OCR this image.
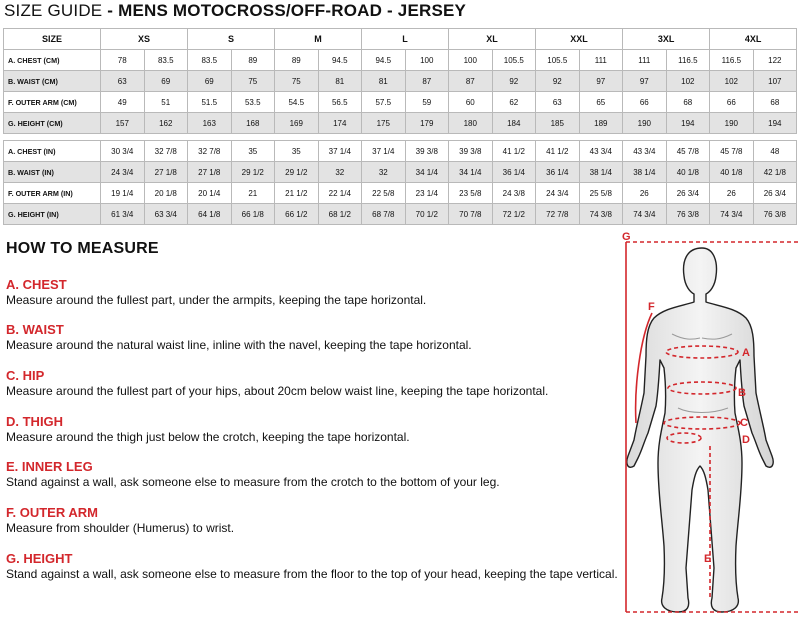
SIZE GUIDE - MENS MOTOCROSS/OFF-ROAD - JERSEY
SIZE	XS		S		M		L		XL		XXL		3XL		4XL	
A. CHEST (CM)	78	83.5	83.5	89	89	94.5	94.5	100	100	105.5	105.5	111	111	116.5	116.5	122
B. WAIST (CM)	63	69	69	75	75	81	81	87	87	92	92	97	97	102	102	107
F. OUTER ARM (CM)	49	51	51.5	53.5	54.5	56.5	57.5	59	60	62	63	65	66	68	66	68
G. HEIGHT (CM)	157	162	163	168	169	174	175	179	180	184	185	189	190	194	190	194

A. CHEST (IN)	30 3/4	32 7/8	32 7/8	35	35	37 1/4	37 1/4	39 3/8	39 3/8	41 1/2	41 1/2	43 3/4	43 3/4	45 7/8	45 7/8	48
B. WAIST (IN)	24 3/4	27 1/8	27 1/8	29 1/2	29 1/2	32	32	34 1/4	34 1/4	36 1/4	36 1/4	38 1/4	38 1/4	40 1/8	40 1/8	42 1/8
F. OUTER ARM (IN)	19 1/4	20 1/8	20 1/4	21	21 1/2	22 1/4	22 5/8	23 1/4	23 5/8	24 3/8	24 3/4	25 5/8	26	26 3/4	26	26 3/4
G. HEIGHT (IN)	61 3/4	63 3/4	64 1/8	66 1/8	66 1/2	68 1/2	68 7/8	70 1/2	70 7/8	72 1/2	72 7/8	74 3/8	74 3/4	76 3/8	74 3/4	76 3/8
HOW TO MEASURE
A. CHEST
Measure around the fullest part, under the armpits, keeping the tape horizontal.
B. WAIST
Measure around the natural waist line, inline with the navel, keeping the tape horizontal.
C. HIP
Measure around the fullest part of your hips, about 20cm below waist line, keeping the tape horizontal.
D. THIGH
Measure around the thigh just below the crotch, keeping the tape horizontal.
E. INNER LEG
Stand against a wall, ask someone else to measure from the crotch to the bottom of your leg.
F. OUTER ARM
Measure from shoulder (Humerus) to wrist.
G. HEIGHT
Stand against a wall, ask someone else to measure from the floor to the top of your head, keeping the tape vertical.
G
F
A
B
C
D
E
